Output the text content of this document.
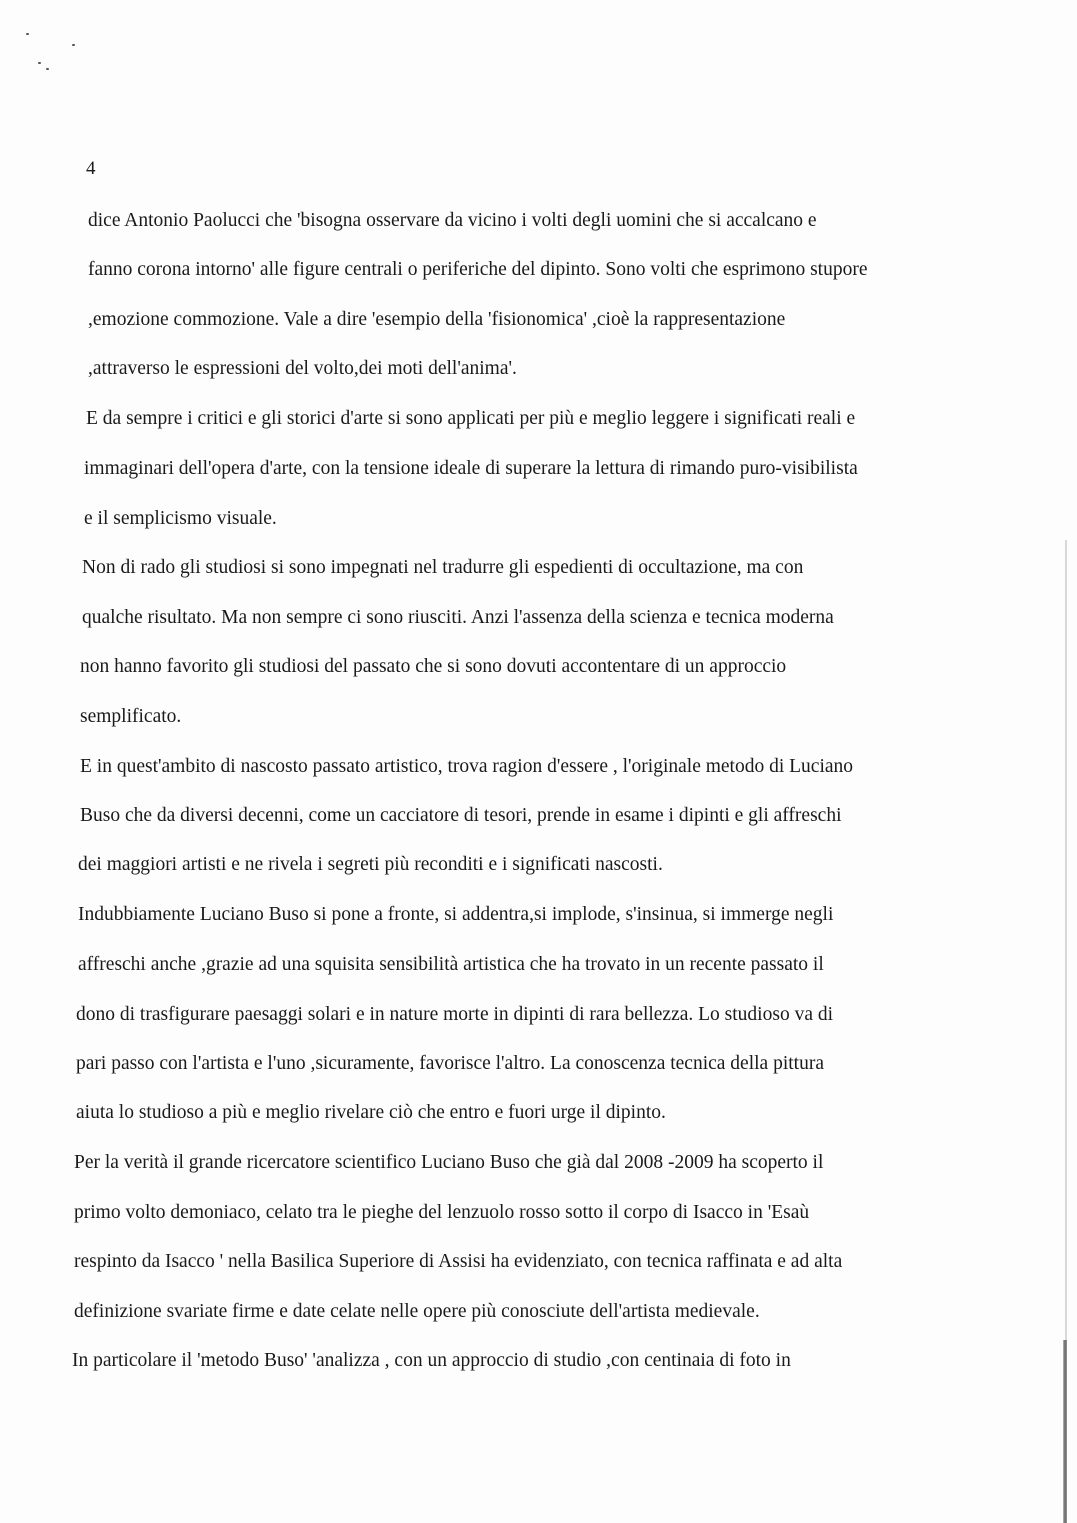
4
dice Antonio Paolucci che 'bisogna osservare da vicino i volti degli uomini che si accalcano e
fanno corona intorno' alle figure centrali o periferiche del dipinto. Sono volti che esprimono stupore
,emozione commozione. Vale a dire 'esempio della 'fisionomica' ,cioè la rappresentazione
,attraverso le espressioni del volto,dei moti dell'anima'.
E da sempre i critici e gli storici d'arte si sono applicati per più e meglio leggere i significati reali e
immaginari dell'opera d'arte, con la tensione ideale di superare la lettura di rimando puro-visibilista
e il semplicismo visuale.
Non di rado gli studiosi si sono impegnati nel tradurre gli espedienti di occultazione, ma con
qualche risultato. Ma non sempre ci sono riusciti. Anzi l'assenza della scienza e tecnica moderna
non hanno favorito gli studiosi del passato che si sono dovuti accontentare di un approccio
semplificato.
E in quest'ambito di nascosto passato artistico, trova ragion d'essere , l'originale metodo di Luciano
Buso che da diversi decenni, come un cacciatore di tesori, prende in esame i dipinti e gli affreschi
dei maggiori artisti e ne rivela i segreti più reconditi e i significati nascosti.
Indubbiamente Luciano Buso si pone a fronte, si addentra,si implode, s'insinua, si immerge negli
affreschi anche ,grazie ad una squisita sensibilità artistica che ha trovato in un recente passato il
dono di trasfigurare paesaggi solari e in nature morte in dipinti di rara bellezza. Lo studioso va di
pari passo con l'artista e l'uno ,sicuramente, favorisce l'altro. La conoscenza tecnica della pittura
aiuta lo studioso a più e meglio rivelare ciò che entro e fuori urge il dipinto.
Per la verità il grande ricercatore scientifico Luciano Buso che già dal 2008 -2009 ha scoperto il
primo volto demoniaco, celato tra le pieghe del lenzuolo rosso sotto il corpo di Isacco in 'Esaù
respinto da Isacco ' nella Basilica Superiore di Assisi ha evidenziato, con tecnica raffinata e ad alta
definizione svariate firme e date celate nelle opere più conosciute dell'artista medievale.
In particolare il 'metodo Buso' 'analizza , con un approccio di studio ,con centinaia di foto in
